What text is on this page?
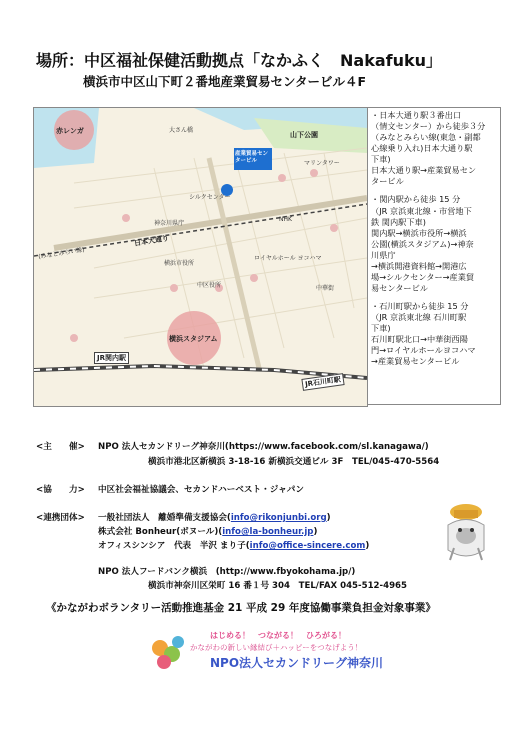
場所：中区福祉保健活動拠点「なかふく　Nakafuku」
横浜市中区山下町２番地産業貿易センタービル４F
赤レンガ	山下公園
大さん橋
産業貿易センタービル
日本大通り
(みなとみらい線)
シルクセンター
神奈川県庁
横浜市役所
ロイヤルホール ヨコハマ
マリンタワー
NHK
中華街
中区役所
横浜スタジアム
JR関内駅
JR石川町駅

・日本大通り駅３番出口

（情文センター）から徒歩３分

（みなとみらい線(東急・副都

心線乗り入れ)日本大通り駅

下車)

日本大通り駅→産業貿易セン

タービル

・関内駅から徒歩 15 分

（JR 京浜東北線・市営地下

鉄 関内駅下車)

関内駅→横浜市役所→横浜

公園(横浜スタジアム)→神奈

川県庁

→横浜開港資料館→開港広

場→シルクセンター→産業貿

易センタービル

・石川町駅から徒歩 15 分

（JR 京浜東北線 石川町駅

下車)

石川町駅北口→中華街西陽

門→ロイヤルホールヨコハマ

→産業貿易センタービル

<主　　催> NPO 法人セカンドリーグ神奈川(https://www.facebook.com/sl.kanagawa/)
横浜市港北区新横浜 3-18-16 新横浜交通ビル 3F　TEL/045-470-5564
<協　　力> 中区社会福祉協議会、セカンドハーベスト・ジャパン
<連携団体> 一般社団法人　離婚準備支援協会(info@rikonjunbi.org)
株式会社 Bonheur(ボヌール)(info@la-bonheur.jp)
オフィスシンシア　代表　半沢 まり子(info@office-sincere.com)
NPO 法人フードバンク横浜　(http://www.fbyokohama.jp/)
横浜市神奈川区栄町 16 番１号 304　TEL/FAX 045-512-4965
《かながわボランタリー活動推進基金 21 平成 29 年度協働事業負担金対象事業》
はじめる！　つながる！　ひろがる！
かながわの新しい縁結び＋ハッピーをつなげよう！
NPO法人セカンドリーグ神奈川
